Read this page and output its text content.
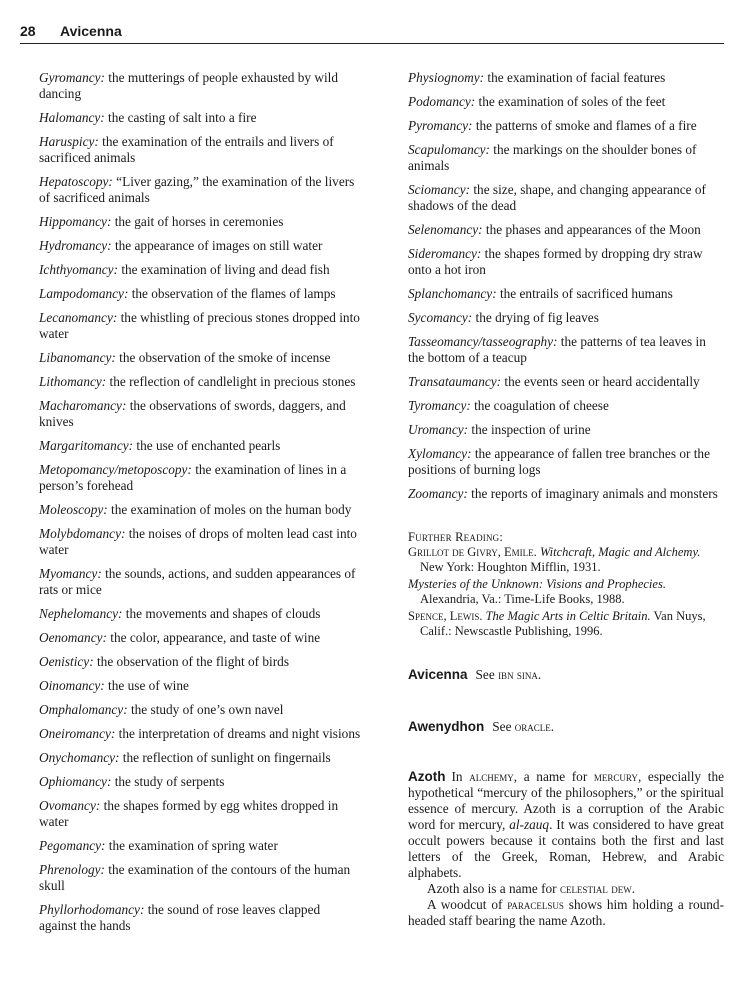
28 Avicenna
Gyromancy: the mutterings of people exhausted by wild dancing
Halomancy: the casting of salt into a fire
Haruspicy: the examination of the entrails and livers of sacrificed animals
Hepatoscopy: “Liver gazing,” the examination of the livers of sacrificed animals
Hippomancy: the gait of horses in ceremonies
Hydromancy: the appearance of images on still water
Ichthyomancy: the examination of living and dead fish
Lampodomancy: the observation of the flames of lamps
Lecanomancy: the whistling of precious stones dropped into water
Libanomancy: the observation of the smoke of incense
Lithomancy: the reflection of candlelight in precious stones
Macharomancy: the observations of swords, daggers, and knives
Margaritomancy: the use of enchanted pearls
Metopomancy/metoposcopy: the examination of lines in a person’s forehead
Moleoscopy: the examination of moles on the human body
Molybdomancy: the noises of drops of molten lead cast into water
Myomancy: the sounds, actions, and sudden appearances of rats or mice
Nephelomancy: the movements and shapes of clouds
Oenomancy: the color, appearance, and taste of wine
Oenisticy: the observation of the flight of birds
Oinomancy: the use of wine
Omphalomancy: the study of one’s own navel
Oneiromancy: the interpretation of dreams and night visions
Onychomancy: the reflection of sunlight on fingernails
Ophiomancy: the study of serpents
Ovomancy: the shapes formed by egg whites dropped in water
Pegomancy: the examination of spring water
Phrenology: the examination of the contours of the human skull
Phyllorhodomancy: the sound of rose leaves clapped against the hands
Physiognomy: the examination of facial features
Podomancy: the examination of soles of the feet
Pyromancy: the patterns of smoke and flames of a fire
Scapulomancy: the markings on the shoulder bones of animals
Sciomancy: the size, shape, and changing appearance of shadows of the dead
Selenomancy: the phases and appearances of the Moon
Sideromancy: the shapes formed by dropping dry straw onto a hot iron
Splanchomancy: the entrails of sacrificed humans
Sycomancy: the drying of fig leaves
Tasseomancy/tasseography: the patterns of tea leaves in the bottom of a teacup
Transataumancy: the events seen or heard accidentally
Tyromancy: the coagulation of cheese
Uromancy: the inspection of urine
Xylomancy: the appearance of fallen tree branches or the positions of burning logs
Zoomancy: the reports of imaginary animals and monsters
Further Reading:
Grillot de Givry, Emile. Witchcraft, Magic and Alchemy. New York: Houghton Mifflin, 1931.
Mysteries of the Unknown: Visions and Prophecies. Alexandria, Va.: Time-Life Books, 1988.
Spence, Lewis. The Magic Arts in Celtic Britain. Van Nuys, Calif.: Newscastle Publishing, 1996.
Avicenna See ibn sina.
Awenydhon See oracle.

Azoth In alchemy, a name for mercury, especially the hypothetical “mercury of the philosophers,” or the spiritual essence of mercury. Azoth is a corruption of the Arabic word for mercury, al-zauq. It was considered to have great occult powers because it contains both the first and last letters of the Greek, Roman, Hebrew, and Arabic alphabets.

Azoth also is a name for celestial dew.

A woodcut of paracelsus shows him holding a round-headed staff bearing the name Azoth.
